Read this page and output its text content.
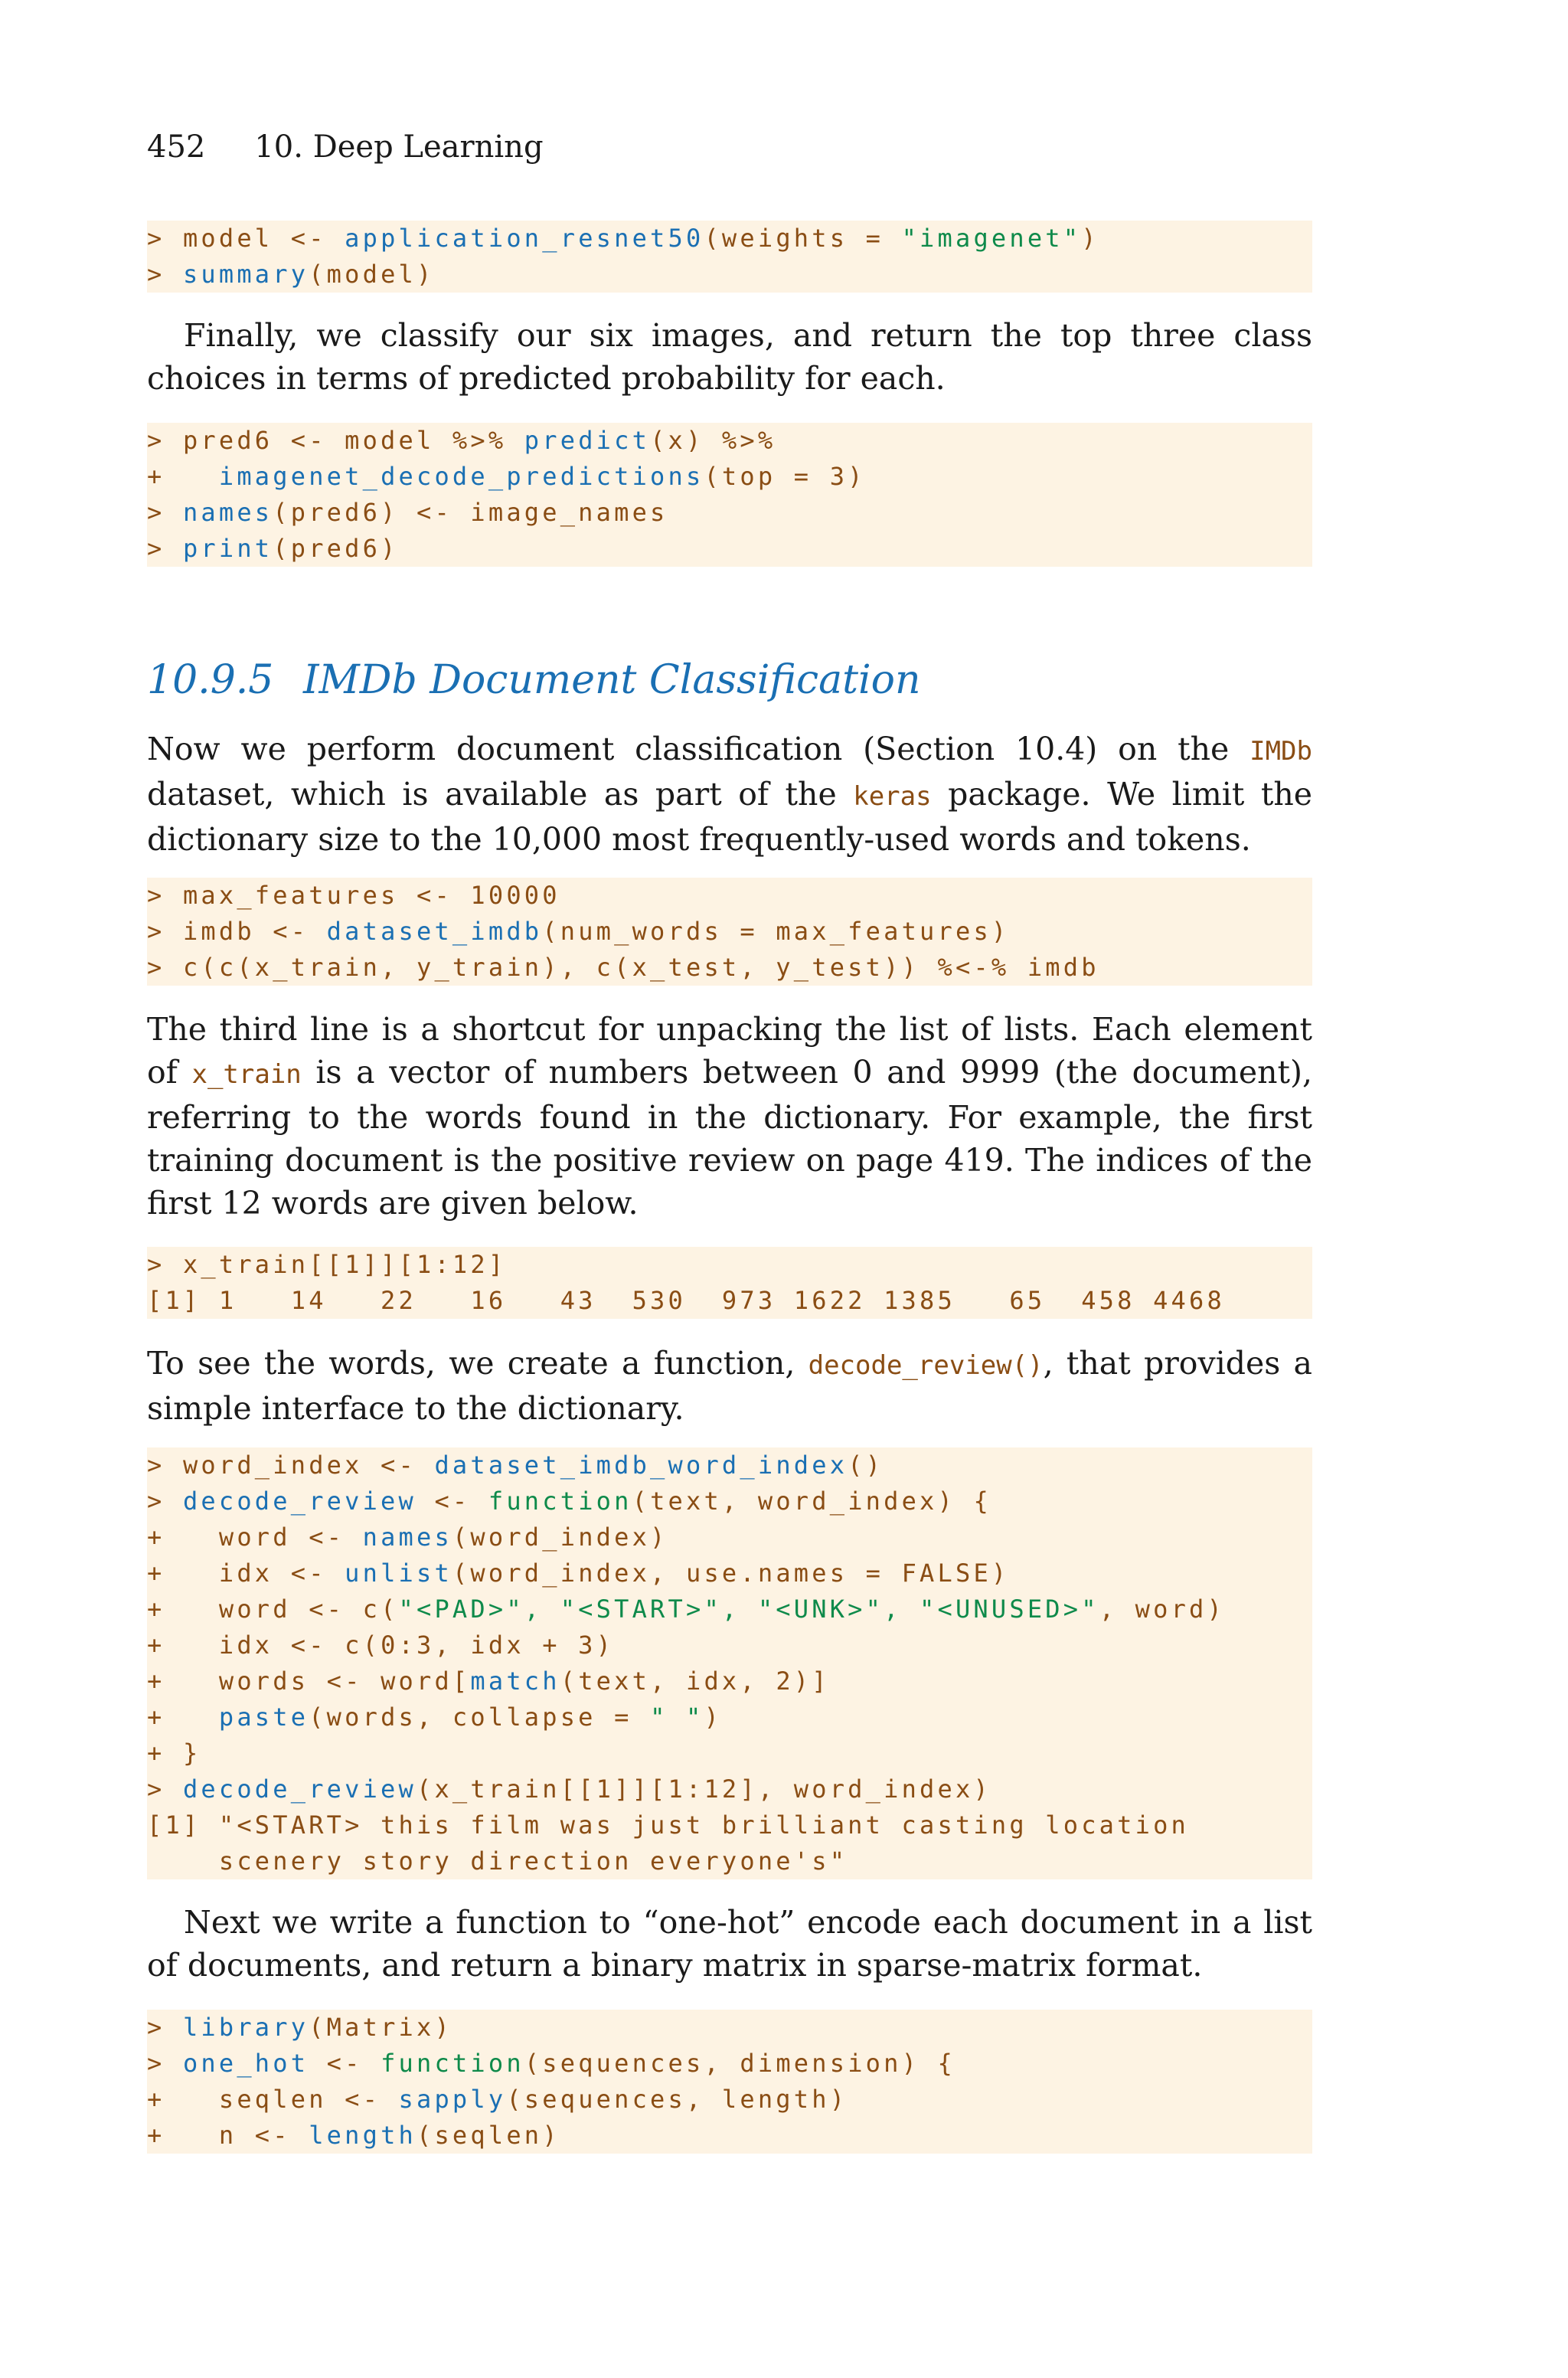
452 10. Deep Learning
> model <- application_resnet50(weights = "imagenet")
> summary(model)

Finally, we classify our six images, and return the top three class choices in terms of predicted probability for each.

> pred6 <- model %>% predict(x) %>%
+   imagenet_decode_predictions(top = 3)
> names(pred6) <- image_names
> print(pred6)
10.9.5 IMDb Document Classification

Now we perform document classification (Section 10.4) on the IMDb dataset, which is available as part of the keras package. We limit the dictionary size to the 10,000 most frequently-used words and tokens.

> max_features <- 10000
> imdb <- dataset_imdb(num_words = max_features)
> c(c(x_train, y_train), c(x_test, y_test)) %<-% imdb

The third line is a shortcut for unpacking the list of lists. Each element of x_train is a vector of numbers between 0 and 9999 (the document), referring to the words found in the dictionary. For example, the first training document is the positive review on page 419. The indices of the first 12 words are given below.

> x_train[[1]][1:12]
[1] 1   14   22   16   43  530  973 1622 1385   65  458 4468

To see the words, we create a function, decode_review(), that provides a simple interface to the dictionary.

> word_index <- dataset_imdb_word_index()
> decode_review <- function(text, word_index) {
+   word <- names(word_index)
+   idx <- unlist(word_index, use.names = FALSE)
+   word <- c("<PAD>", "<START>", "<UNK>", "<UNUSED>", word)
+   idx <- c(0:3, idx + 3)
+   words <- word[match(text, idx, 2)]
+   paste(words, collapse = " ")
+ }
> decode_review(x_train[[1]][1:12], word_index)
[1] "<START> this film was just brilliant casting location
scenery story direction everyone's"

Next we write a function to “one-hot” encode each document in a list of documents, and return a binary matrix in sparse-matrix format.

> library(Matrix)
> one_hot <- function(sequences, dimension) {
+   seqlen <- sapply(sequences, length)
+   n <- length(seqlen)
